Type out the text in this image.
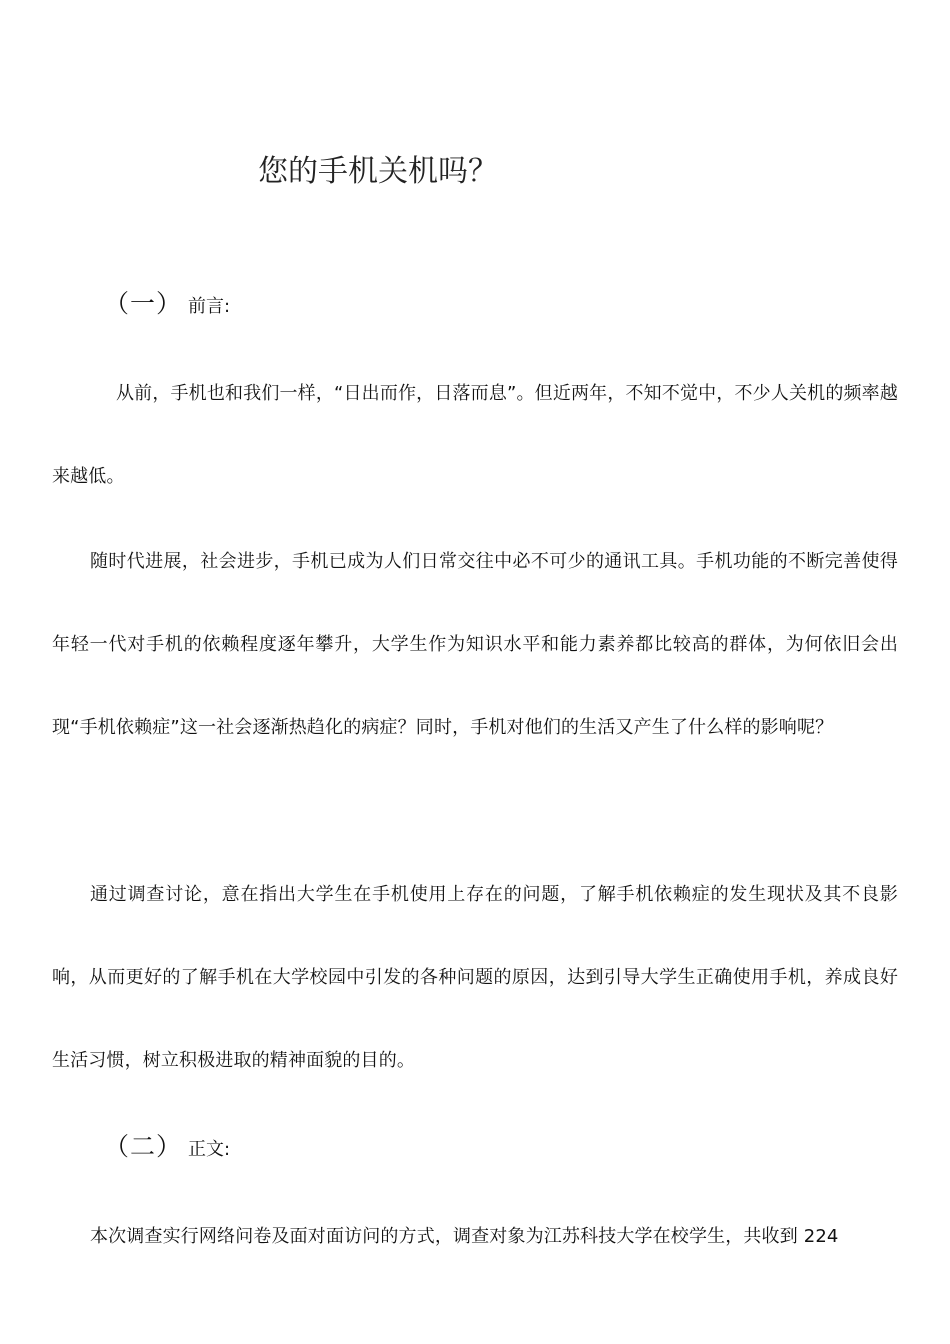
您的手机关机吗？
（一） 前言:

从前，手机也和我们一样，“日出而作，日落而息”。但近两年，不知不觉中，不少人关机的频率越来越低。

随时代进展，社会进步，手机已成为人们日常交往中必不可少的通讯工具。手机功能的不断完善使得年轻一代对手机的依赖程度逐年攀升，大学生作为知识水平和能力素养都比较高的群体，为何依旧会出现“手机依赖症”这一社会逐渐热趋化的病症？同时，手机对他们的生活又产生了什么样的影响呢？

通过调查讨论，意在指出大学生在手机使用上存在的问题，了解手机依赖症的发生现状及其不良影响，从而更好的了解手机在大学校园中引发的各种问题的原因，达到引导大学生正确使用手机，养成良好生活习惯，树立积极进取的精神面貌的目的。

（二） 正文:

本次调查实行网络问卷及面对面访问的方式，调查对象为江苏科技大学在校学生，共收到 224
